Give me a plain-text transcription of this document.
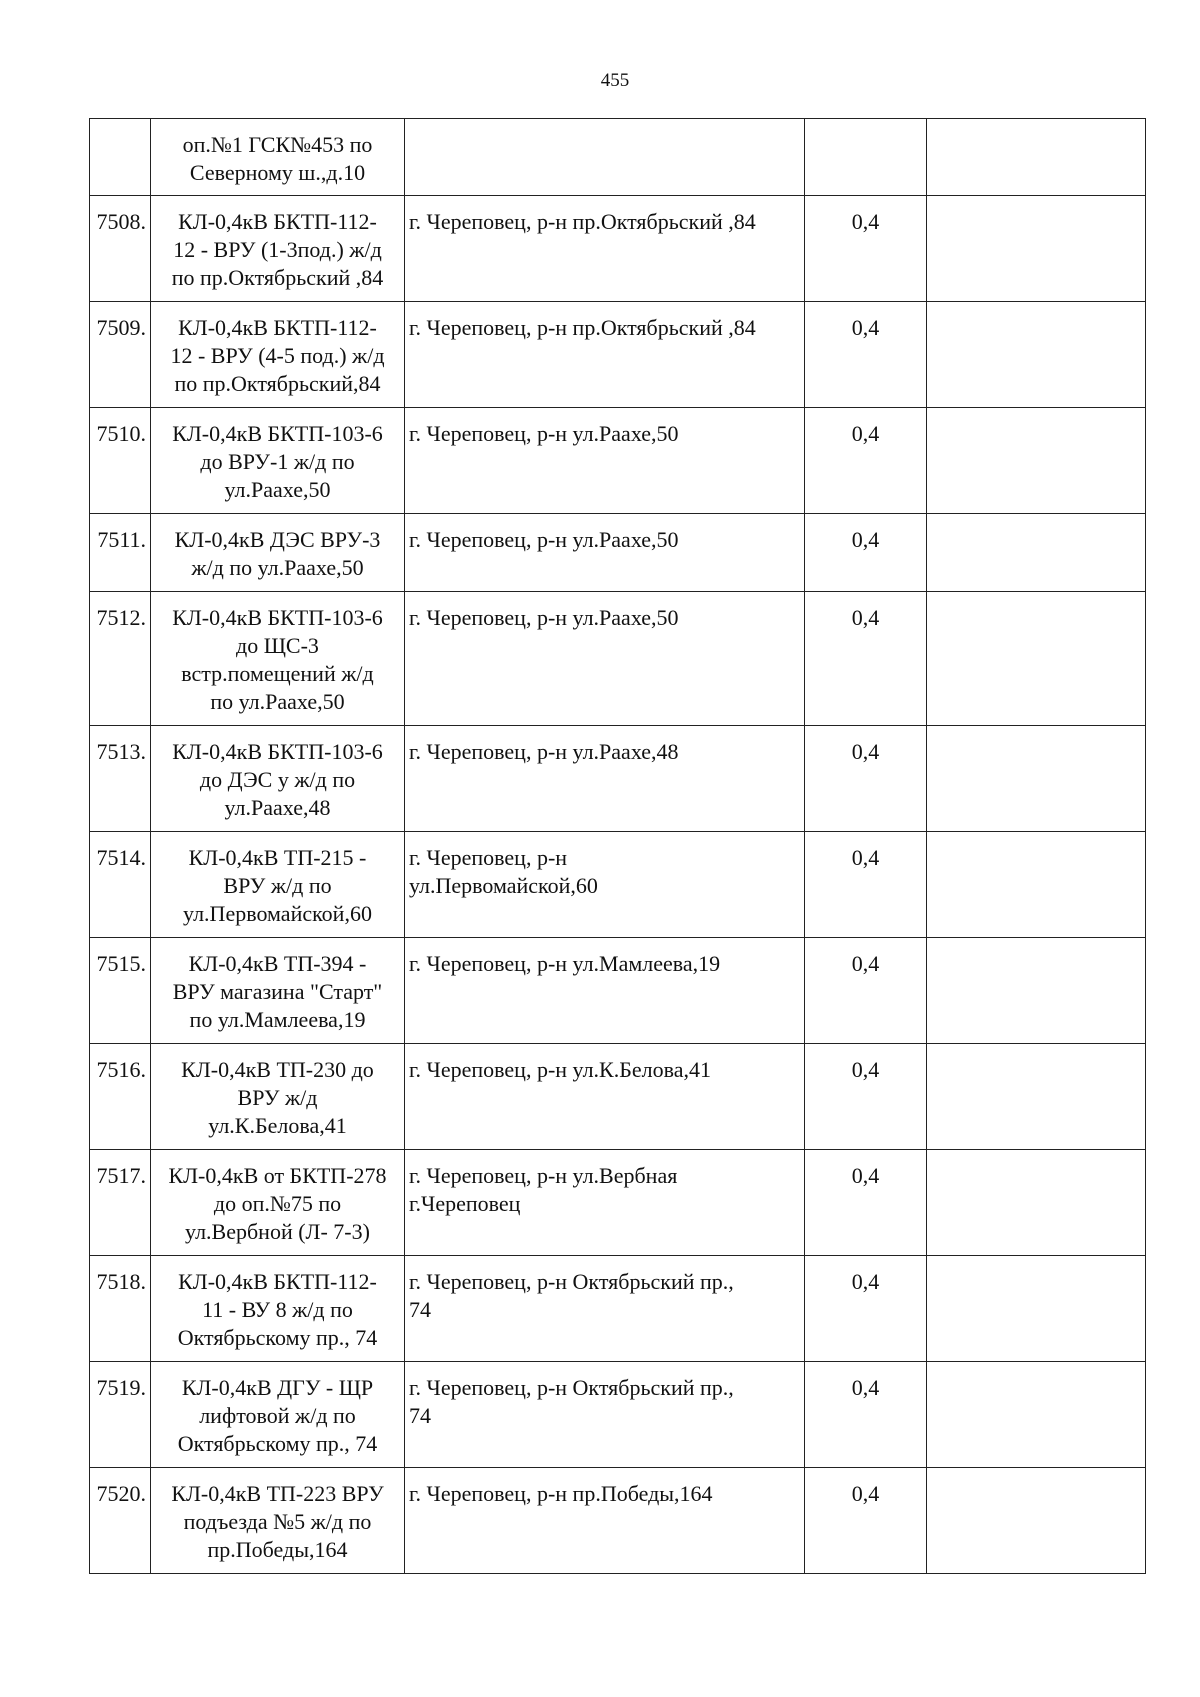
455

	оп.№1 ГСК№453 по
Северному ш.,д.10			

7508.	КЛ-0,4кВ БКТП-112-
12 - ВРУ (1-3под.) ж/д
по пр.Октябрьский ,84	г. Череповец, р-н пр.Октябрьский ,84	0,4	
7509.	КЛ-0,4кВ БКТП-112-
12 - ВРУ (4-5 под.) ж/д
по пр.Октябрьский,84	г. Череповец, р-н пр.Октябрьский ,84	0,4	
7510.	КЛ-0,4кВ БКТП-103-6
до ВРУ-1 ж/д по
ул.Раахе,50	г. Череповец, р-н ул.Раахе,50	0,4	
7511.	КЛ-0,4кВ ДЭС ВРУ-3
ж/д по ул.Раахе,50	г. Череповец, р-н ул.Раахе,50	0,4	
7512.	КЛ-0,4кВ БКТП-103-6
до ЩС-3
встр.помещений ж/д
по ул.Раахе,50	г. Череповец, р-н ул.Раахе,50	0,4	
7513.	КЛ-0,4кВ БКТП-103-6
до ДЭС у ж/д по
ул.Раахе,48	г. Череповец, р-н ул.Раахе,48	0,4	
7514.	КЛ-0,4кВ ТП-215 -
ВРУ ж/д по
ул.Первомайской,60	г. Череповец, р-н
ул.Первомайской,60	0,4	
7515.	КЛ-0,4кВ ТП-394 -
ВРУ магазина "Старт"
по ул.Мамлеева,19	г. Череповец, р-н ул.Мамлеева,19	0,4	
7516.	КЛ-0,4кВ ТП-230 до
ВРУ ж/д
ул.К.Белова,41	г. Череповец, р-н ул.К.Белова,41	0,4	
7517.	КЛ-0,4кВ от БКТП-278
до оп.№75 по
ул.Вербной (Л- 7-3)	г. Череповец, р-н ул.Вербная
г.Череповец	0,4	
7518.	КЛ-0,4кВ БКТП-112-
11 - ВУ 8 ж/д по
Октябрьскому пр., 74	г. Череповец, р-н Октябрьский пр.,
74	0,4	
7519.	КЛ-0,4кВ ДГУ - ЩР
лифтовой ж/д по
Октябрьскому пр., 74	г. Череповец, р-н Октябрьский пр.,
74	0,4	
7520.	КЛ-0,4кВ ТП-223 ВРУ
подъезда №5 ж/д по
пр.Победы,164	г. Череповец, р-н пр.Победы,164	0,4	
